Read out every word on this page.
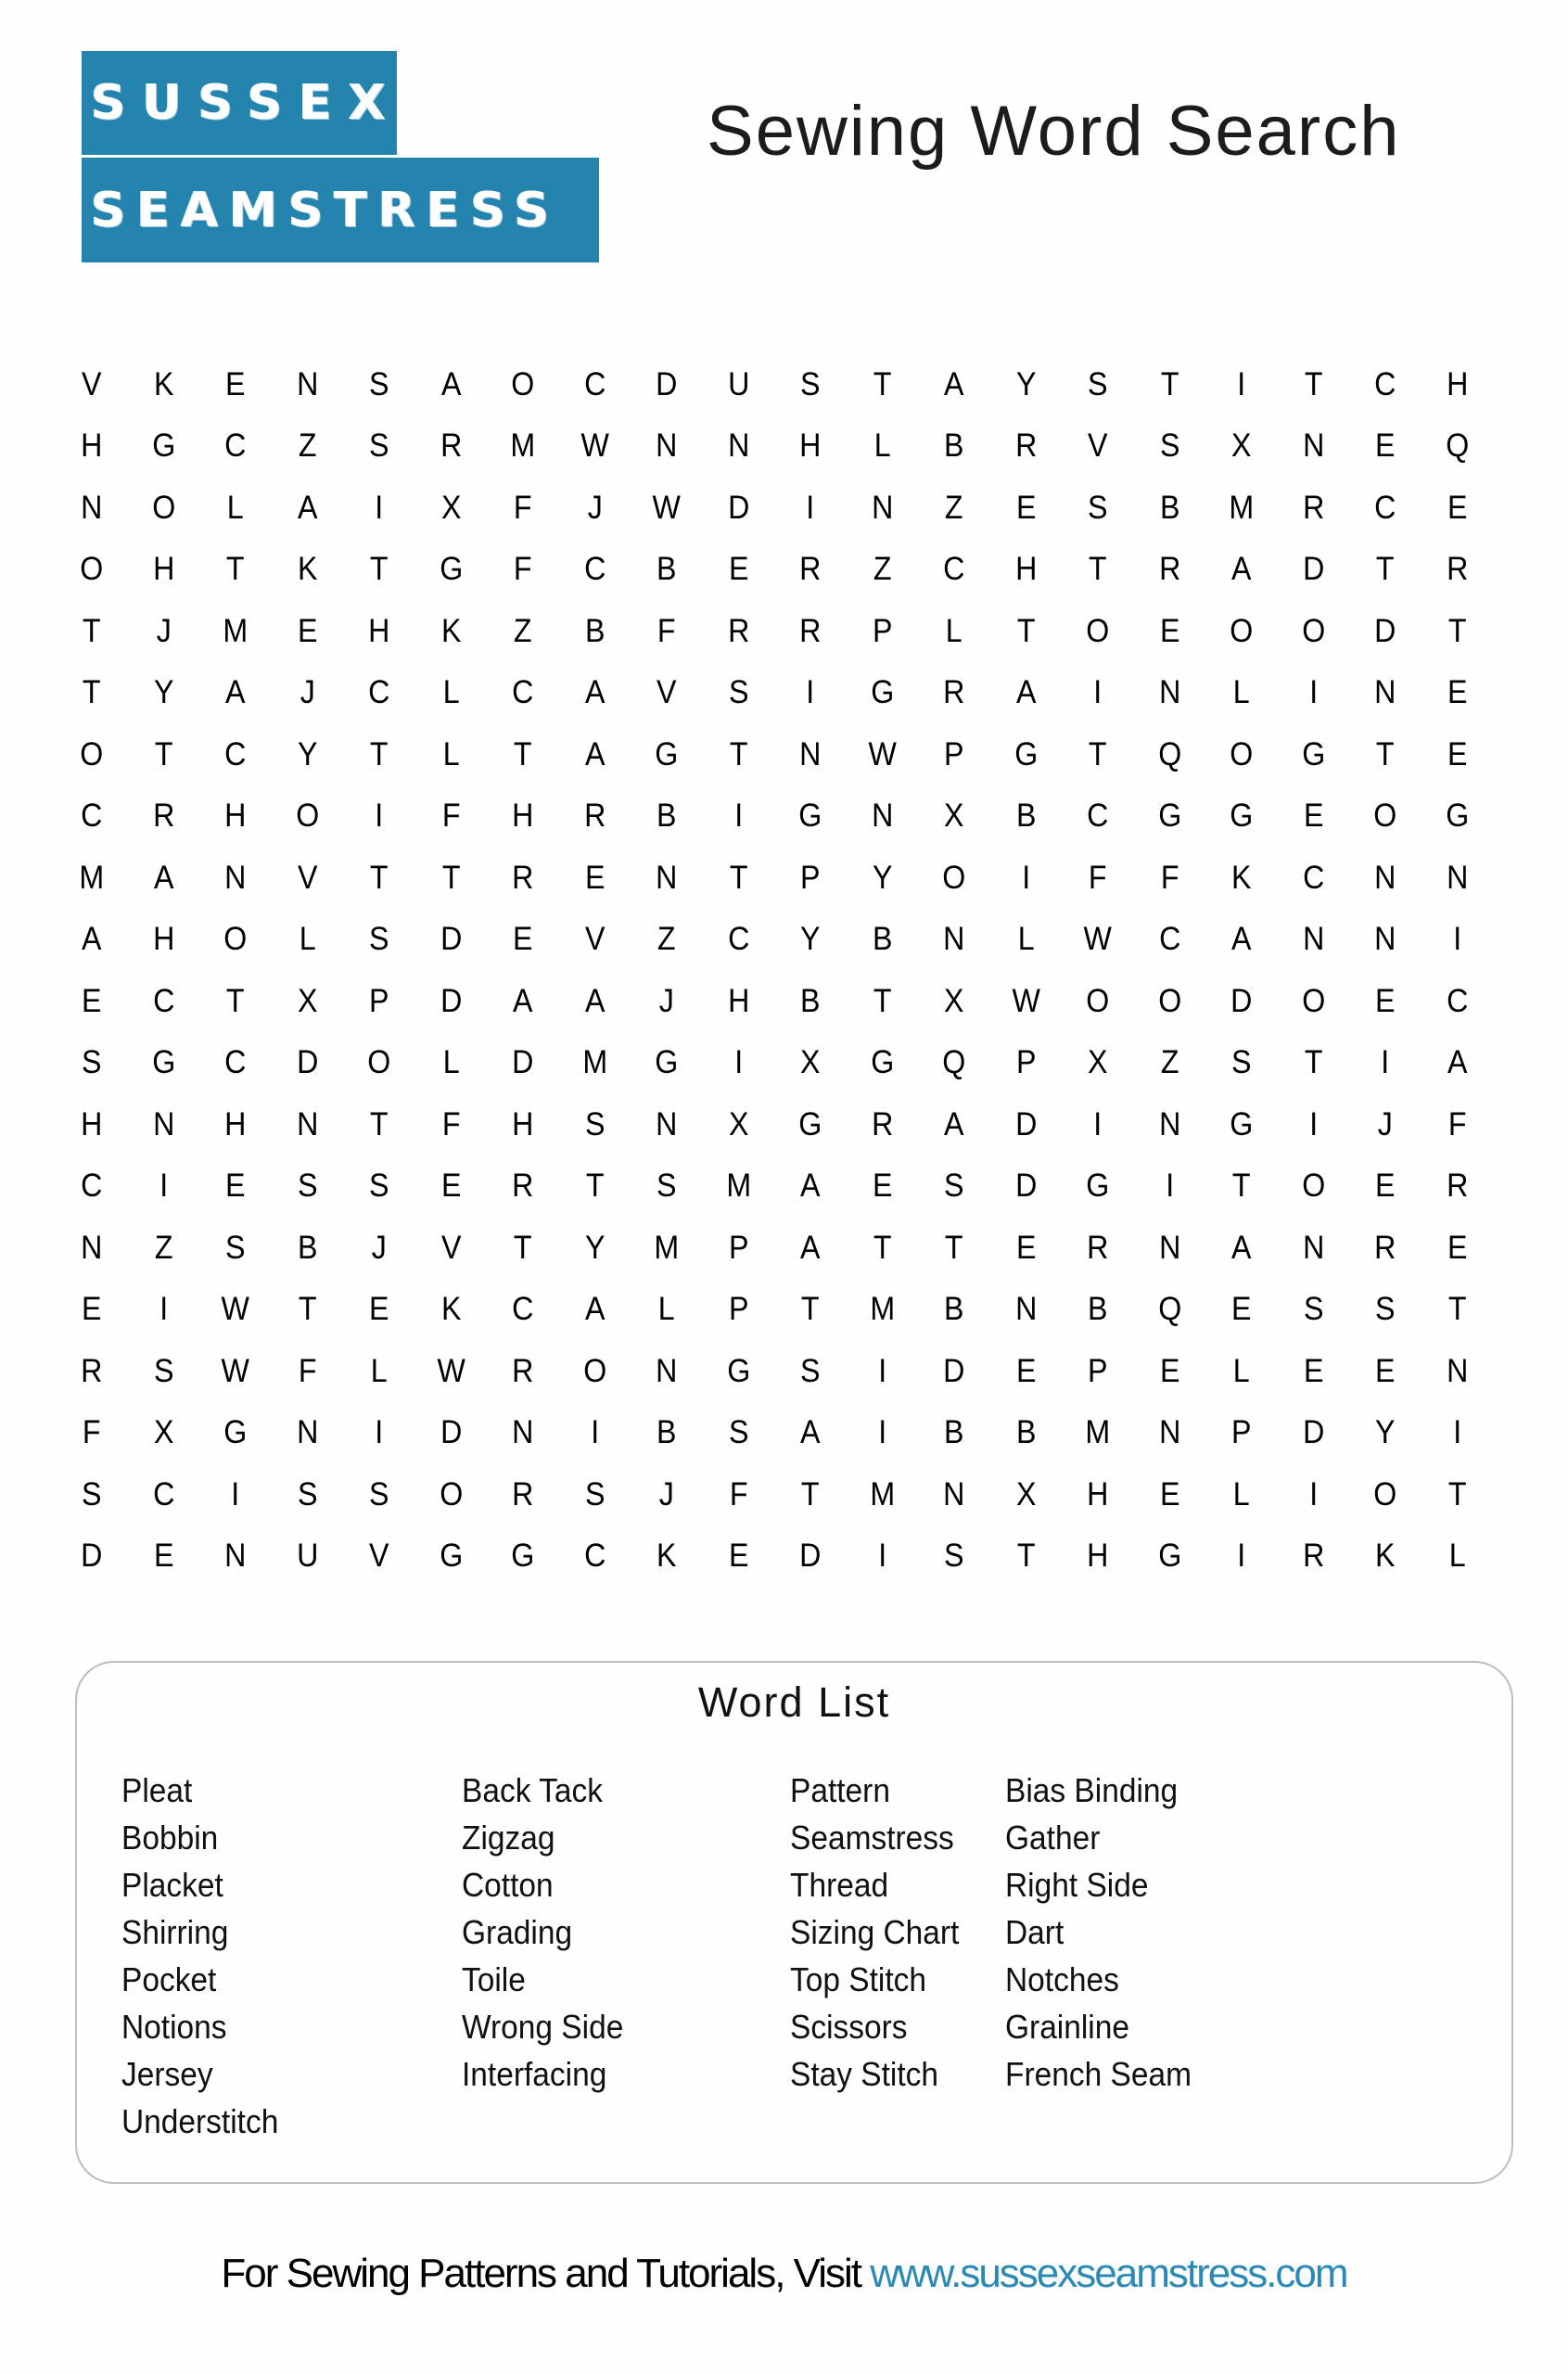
SUSSEX
SEAMSTRESS
Sewing Word Search
V	K	E	N	S	A	O	C	D	U	S	T	A	Y	S	T	I	T	C	H
H	G	C	Z	S	R	M	W	N	N	H	L	B	R	V	S	X	N	E	Q
N	O	L	A	I	X	F	J	W	D	I	N	Z	E	S	B	M	R	C	E
O	H	T	K	T	G	F	C	B	E	R	Z	C	H	T	R	A	D	T	R
T	J	M	E	H	K	Z	B	F	R	R	P	L	T	O	E	O	O	D	T
T	Y	A	J	C	L	C	A	V	S	I	G	R	A	I	N	L	I	N	E
O	T	C	Y	T	L	T	A	G	T	N	W	P	G	T	Q	O	G	T	E
C	R	H	O	I	F	H	R	B	I	G	N	X	B	C	G	G	E	O	G
M	A	N	V	T	T	R	E	N	T	P	Y	O	I	F	F	K	C	N	N
A	H	O	L	S	D	E	V	Z	C	Y	B	N	L	W	C	A	N	N	I
E	C	T	X	P	D	A	A	J	H	B	T	X	W	O	O	D	O	E	C
S	G	C	D	O	L	D	M	G	I	X	G	Q	P	X	Z	S	T	I	A
H	N	H	N	T	F	H	S	N	X	G	R	A	D	I	N	G	I	J	F
C	I	E	S	S	E	R	T	S	M	A	E	S	D	G	I	T	O	E	R
N	Z	S	B	J	V	T	Y	M	P	A	T	T	E	R	N	A	N	R	E
E	I	W	T	E	K	C	A	L	P	T	M	B	N	B	Q	E	S	S	T
R	S	W	F	L	W	R	O	N	G	S	I	D	E	P	E	L	E	E	N
F	X	G	N	I	D	N	I	B	S	A	I	B	B	M	N	P	D	Y	I
S	C	I	S	S	O	R	S	J	F	T	M	N	X	H	E	L	I	O	T
D	E	N	U	V	G	G	C	K	E	D	I	S	T	H	G	I	R	K	L
Word List
Pleat
Bobbin
Placket
Shirring
Pocket
Notions
Jersey
Understitch
Back Tack
Zigzag
Cotton
Grading
Toile
Wrong Side
Interfacing
Pattern
Seamstress
Thread
Sizing Chart
Top Stitch
Scissors
Stay Stitch
Bias Binding
Gather
Right Side
Dart
Notches
Grainline
French Seam
For Sewing Patterns and Tutorials, Visit www.sussexseamstress.com
